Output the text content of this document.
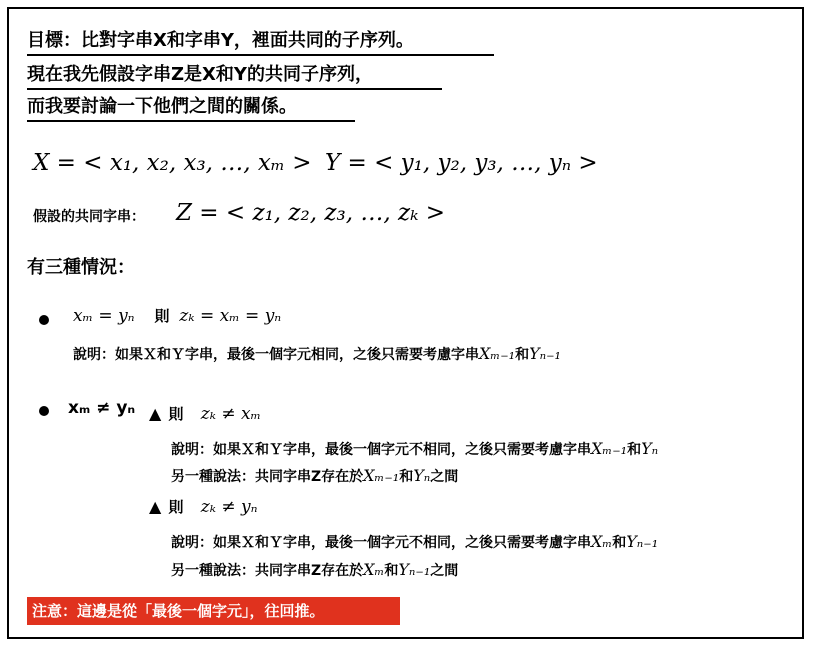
目標：比對字串X和字串Y，裡面共同的子序列。
現在我先假設字串Z是X和Y的共同子序列，
而我要討論一下他們之間的關係。
X = < x₁, x₂, x₃, …, xₘ > Y = < y₁, y₂, y₃, …, yₙ >
假設的共同字串： Z = < z₁, z₂, z₃, …, zₖ >
有三種情況：
xₘ = yₙ 則 zₖ = xₘ = yₙ
說明：如果Ｘ和Ｙ字串，最後一個字元相同，之後只需要考慮字串Xₘ₋₁和Yₙ₋₁
xₘ ≠ yₙ ▲ 則 zₖ ≠ xₘ
說明：如果Ｘ和Ｙ字串，最後一個字元不相同，之後只需要考慮字串Xₘ₋₁和Yₙ
另一種說法：共同字串Z存在於Xₘ₋₁和Yₙ之間
▲ 則 zₖ ≠ yₙ
說明：如果Ｘ和Ｙ字串，最後一個字元不相同，之後只需要考慮字串Xₘ和Yₙ₋₁
另一種說法：共同字串Z存在於Xₘ和Yₙ₋₁之間
注意：這邊是從「最後一個字元」，往回推。
